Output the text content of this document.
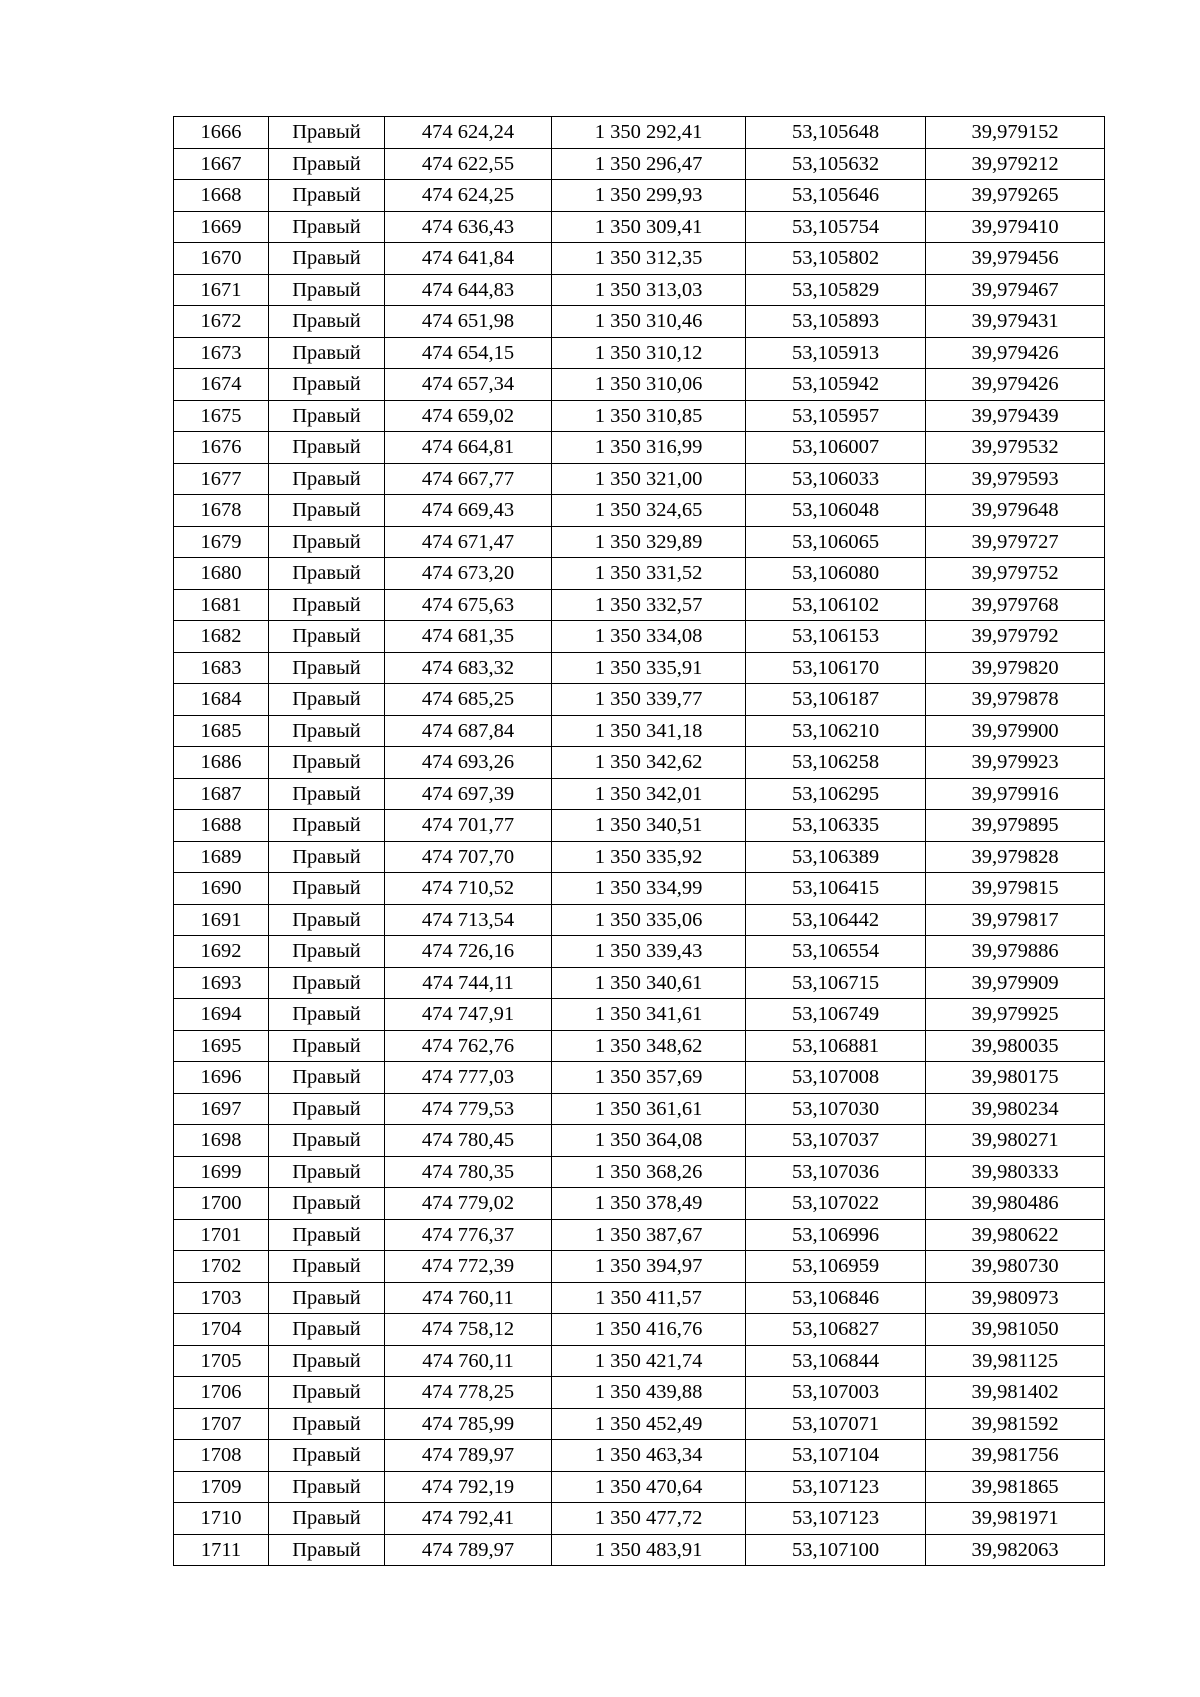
1666	Правый	474 624,24	1 350 292,41	53,105648	39,979152
1667	Правый	474 622,55	1 350 296,47	53,105632	39,979212
1668	Правый	474 624,25	1 350 299,93	53,105646	39,979265
1669	Правый	474 636,43	1 350 309,41	53,105754	39,979410
1670	Правый	474 641,84	1 350 312,35	53,105802	39,979456
1671	Правый	474 644,83	1 350 313,03	53,105829	39,979467
1672	Правый	474 651,98	1 350 310,46	53,105893	39,979431
1673	Правый	474 654,15	1 350 310,12	53,105913	39,979426
1674	Правый	474 657,34	1 350 310,06	53,105942	39,979426
1675	Правый	474 659,02	1 350 310,85	53,105957	39,979439
1676	Правый	474 664,81	1 350 316,99	53,106007	39,979532
1677	Правый	474 667,77	1 350 321,00	53,106033	39,979593
1678	Правый	474 669,43	1 350 324,65	53,106048	39,979648
1679	Правый	474 671,47	1 350 329,89	53,106065	39,979727
1680	Правый	474 673,20	1 350 331,52	53,106080	39,979752
1681	Правый	474 675,63	1 350 332,57	53,106102	39,979768
1682	Правый	474 681,35	1 350 334,08	53,106153	39,979792
1683	Правый	474 683,32	1 350 335,91	53,106170	39,979820
1684	Правый	474 685,25	1 350 339,77	53,106187	39,979878
1685	Правый	474 687,84	1 350 341,18	53,106210	39,979900
1686	Правый	474 693,26	1 350 342,62	53,106258	39,979923
1687	Правый	474 697,39	1 350 342,01	53,106295	39,979916
1688	Правый	474 701,77	1 350 340,51	53,106335	39,979895
1689	Правый	474 707,70	1 350 335,92	53,106389	39,979828
1690	Правый	474 710,52	1 350 334,99	53,106415	39,979815
1691	Правый	474 713,54	1 350 335,06	53,106442	39,979817
1692	Правый	474 726,16	1 350 339,43	53,106554	39,979886
1693	Правый	474 744,11	1 350 340,61	53,106715	39,979909
1694	Правый	474 747,91	1 350 341,61	53,106749	39,979925
1695	Правый	474 762,76	1 350 348,62	53,106881	39,980035
1696	Правый	474 777,03	1 350 357,69	53,107008	39,980175
1697	Правый	474 779,53	1 350 361,61	53,107030	39,980234
1698	Правый	474 780,45	1 350 364,08	53,107037	39,980271
1699	Правый	474 780,35	1 350 368,26	53,107036	39,980333
1700	Правый	474 779,02	1 350 378,49	53,107022	39,980486
1701	Правый	474 776,37	1 350 387,67	53,106996	39,980622
1702	Правый	474 772,39	1 350 394,97	53,106959	39,980730
1703	Правый	474 760,11	1 350 411,57	53,106846	39,980973
1704	Правый	474 758,12	1 350 416,76	53,106827	39,981050
1705	Правый	474 760,11	1 350 421,74	53,106844	39,981125
1706	Правый	474 778,25	1 350 439,88	53,107003	39,981402
1707	Правый	474 785,99	1 350 452,49	53,107071	39,981592
1708	Правый	474 789,97	1 350 463,34	53,107104	39,981756
1709	Правый	474 792,19	1 350 470,64	53,107123	39,981865
1710	Правый	474 792,41	1 350 477,72	53,107123	39,981971
1711	Правый	474 789,97	1 350 483,91	53,107100	39,982063
